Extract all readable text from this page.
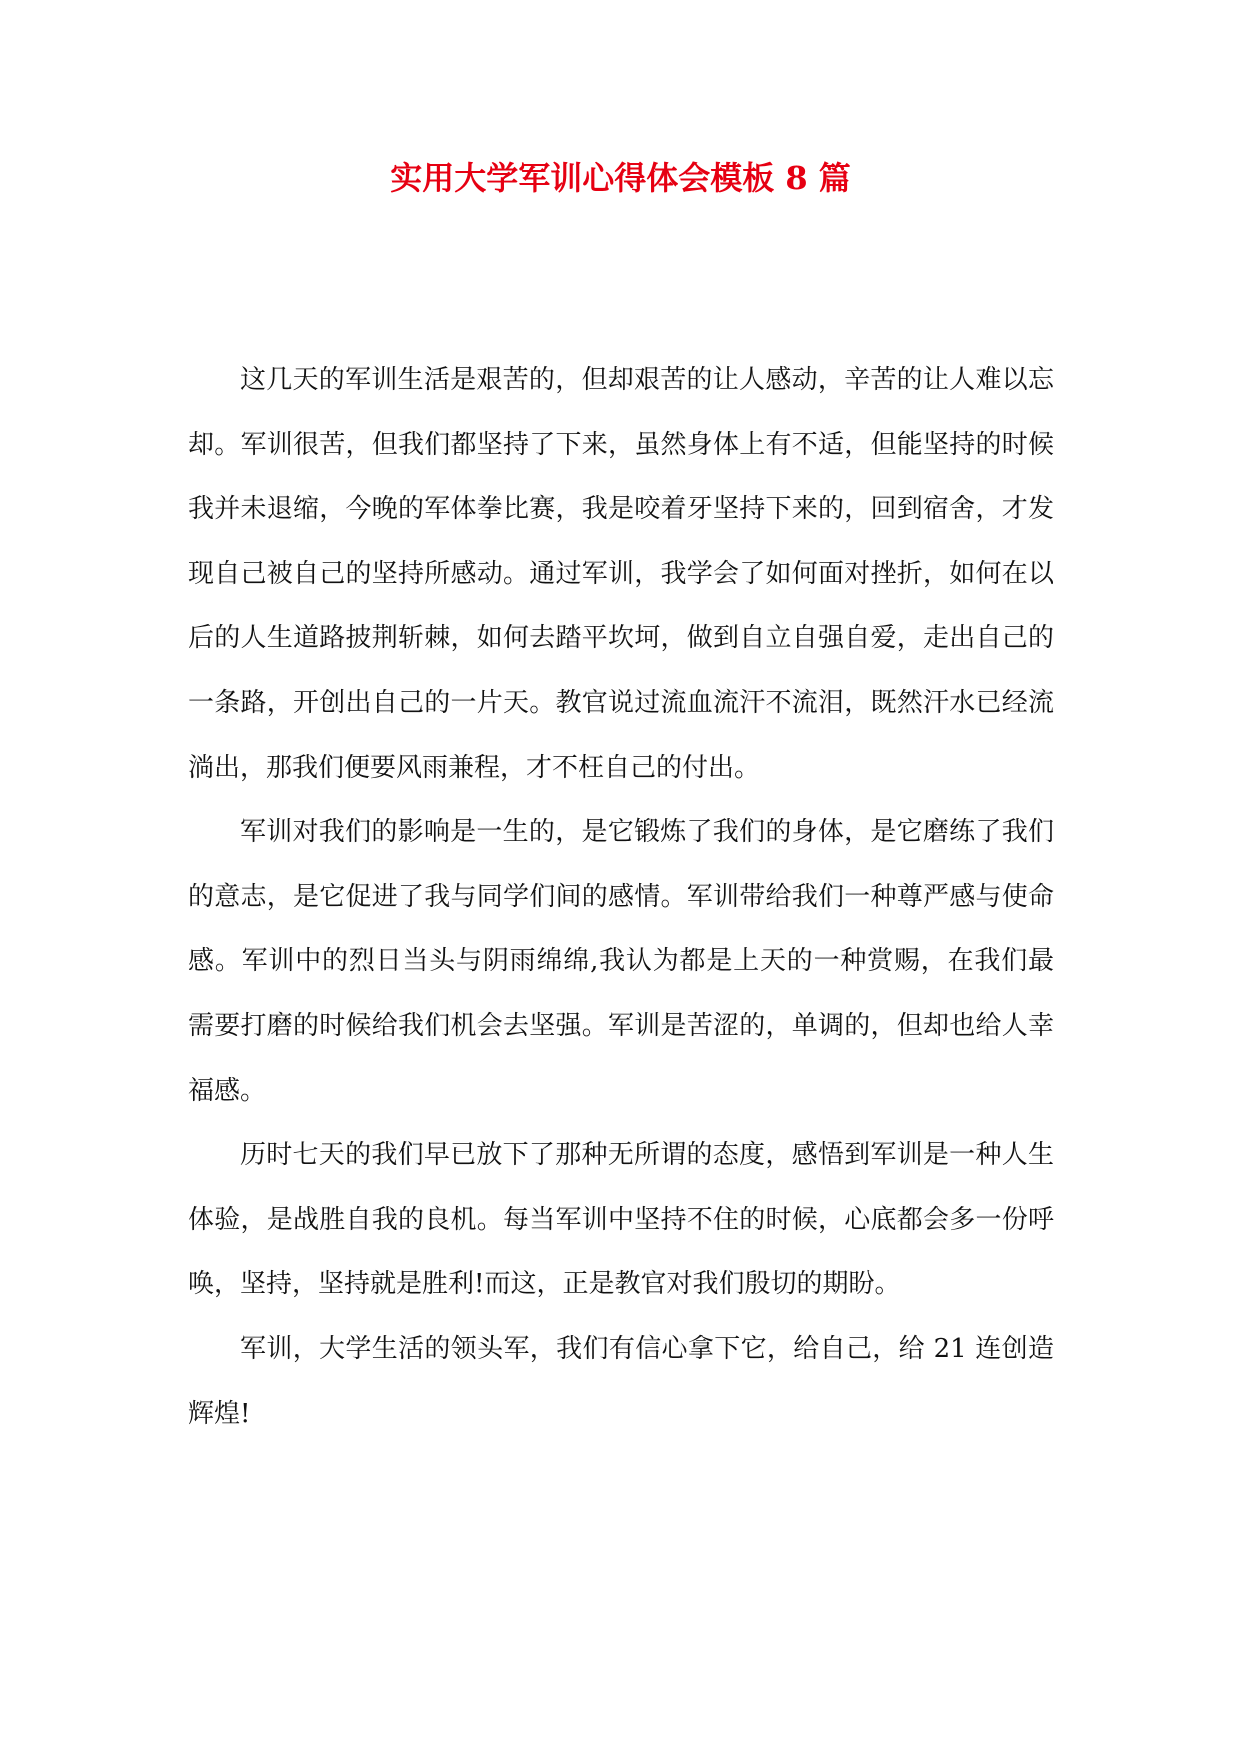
实用大学军训心得体会模板 8 篇

这几天的军训生活是艰苦的，但却艰苦的让人感动，辛苦的让人难以忘却。军训很苦，但我们都坚持了下来，虽然身体上有不适，但能坚持的时候我并未退缩，今晚的军体拳比赛，我是咬着牙坚持下来的，回到宿舍，才发现自己被自己的坚持所感动。通过军训，我学会了如何面对挫折，如何在以后的人生道路披荆斩棘，如何去踏平坎坷，做到自立自强自爱，走出自己的一条路，开创出自己的一片天。教官说过流血流汗不流泪，既然汗水已经流淌出，那我们便要风雨兼程，才不枉自己的付出。

军训对我们的影响是一生的，是它锻炼了我们的身体，是它磨练了我们的意志，是它促进了我与同学们间的感情。军训带给我们一种尊严感与使命感。军训中的烈日当头与阴雨绵绵,我认为都是上天的一种赏赐，在我们最需要打磨的时候给我们机会去坚强。军训是苦涩的，单调的，但却也给人幸福感。

历时七天的我们早已放下了那种无所谓的态度，感悟到军训是一种人生体验，是战胜自我的良机。每当军训中坚持不住的时候，心底都会多一份呼唤，坚持，坚持就是胜利!而这，正是教官对我们殷切的期盼。

军训，大学生活的领头军，我们有信心拿下它，给自己，给 21 连创造辉煌!
